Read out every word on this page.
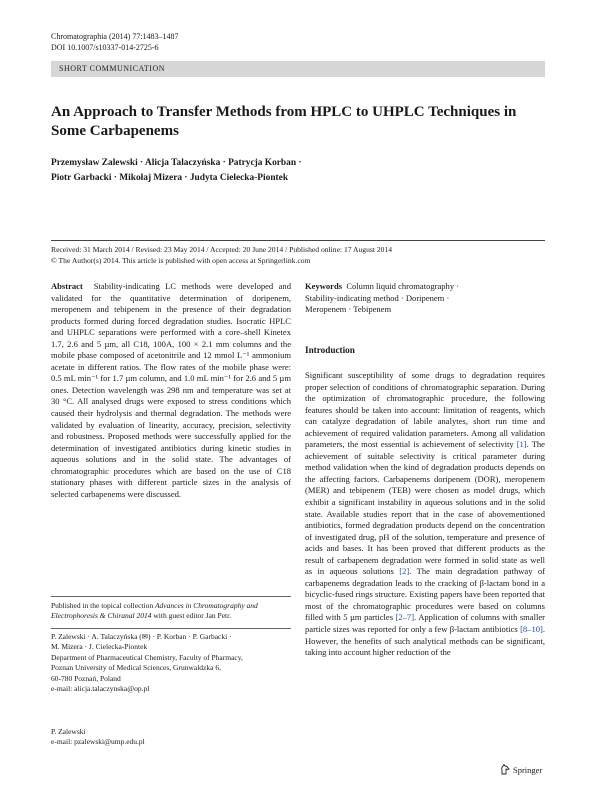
Chromatographia (2014) 77:1483–1487
DOI 10.1007/s10337-014-2725-6
SHORT COMMUNICATION
An Approach to Transfer Methods from HPLC to UHPLC Techniques in Some Carbapenems
Przemysław Zalewski · Alicja Talaczyńska · Patrycja Korban ·
Piotr Garbacki · Mikołaj Mizera · Judyta Cielecka-Piontek
Received: 31 March 2014 / Revised: 23 May 2014 / Accepted: 20 June 2014 / Published online: 17 August 2014
© The Author(s) 2014. This article is published with open access at Springerlink.com
Abstract Stability-indicating LC methods were developed and validated for the quantitative determination of doripenem, meropenem and tebipenem in the presence of their degradation products formed during forced degradation studies. Isocratic HPLC and UHPLC separations were performed with a core–shell Kinetex 1.7, 2.6 and 5 µm, all C18, 100A, 100 × 2.1 mm columns and the mobile phase composed of acetonitrile and 12 mmol L⁻¹ ammonium acetate in different ratios. The flow rates of the mobile phase were: 0.5 mL min⁻¹ for 1.7 µm column, and 1.0 mL min⁻¹ for 2.6 and 5 µm ones. Detection wavelength was 298 nm and temperature was set at 30 °C. All analysed drugs were exposed to stress conditions which caused their hydrolysis and thermal degradation. The methods were validated by evaluation of linearity, accuracy, precision, selectivity and robustness. Proposed methods were successfully applied for the determination of investigated antibiotics during kinetic studies in aqueous solutions and in the solid state. The advantages of chromatographic procedures which are based on the use of C18 stationary phases with different particle sizes in the analysis of selected carbapenems were discussed.
Published in the topical collection Advances in Chromatography and Electrophoresis & Chiranal 2014 with guest editor Jan Petr.
P. Zalewski · A. Talaczyńska (✉) · P. Korban · P. Garbacki ·
M. Mizera · J. Cielecka-Piontek
Department of Pharmaceutical Chemistry, Faculty of Pharmacy,
Poznan University of Medical Sciences, Grunwaldzka 6,
60-780 Poznań, Poland
e-mail: alicja.talaczynska@op.pl
P. Zalewski
e-mail: pzalewski@ump.edu.pl
Keywords Column liquid chromatography ·
Stability-indicating method · Doripenem ·
Meropenem · Tebipenem
Introduction
Significant susceptibility of some drugs to degradation requires proper selection of conditions of chromatographic separation. During the optimization of chromatographic procedure, the following features should be taken into account: limitation of reagents, which can catalyze degradation of labile analytes, short run time and achievement of required validation parameters. Among all validation parameters, the most essential is achievement of selectivity [1]. The achievement of suitable selectivity is critical parameter during method validation when the kind of degradation products depends on the affecting factors. Carbapenems doripenem (DOR), meropenem (MER) and tebipenem (TEB) were chosen as model drugs, which exhibit a significant instability in aqueous solutions and in the solid state. Available studies report that in the case of abovementioned antibiotics, formed degradation products depend on the concentration of investigated drug, pH of the solution, temperature and presence of acids and bases. It has been proved that different products as the result of carbapenem degradation were formed in solid state as well as in aqueous solutions [2]. The main degradation pathway of carbapenems degradation leads to the cracking of β-lactam bond in a bicyclic-fused rings structure. Existing papers have been reported that most of the chromatographic procedures were based on columns filled with 5 µm particles [2–7]. Application of columns with smaller particle sizes was reported for only a few β-lactam antibiotics [8–10]. However, the benefits of such analytical methods can be significant, taking into account higher reduction of the
Springer
